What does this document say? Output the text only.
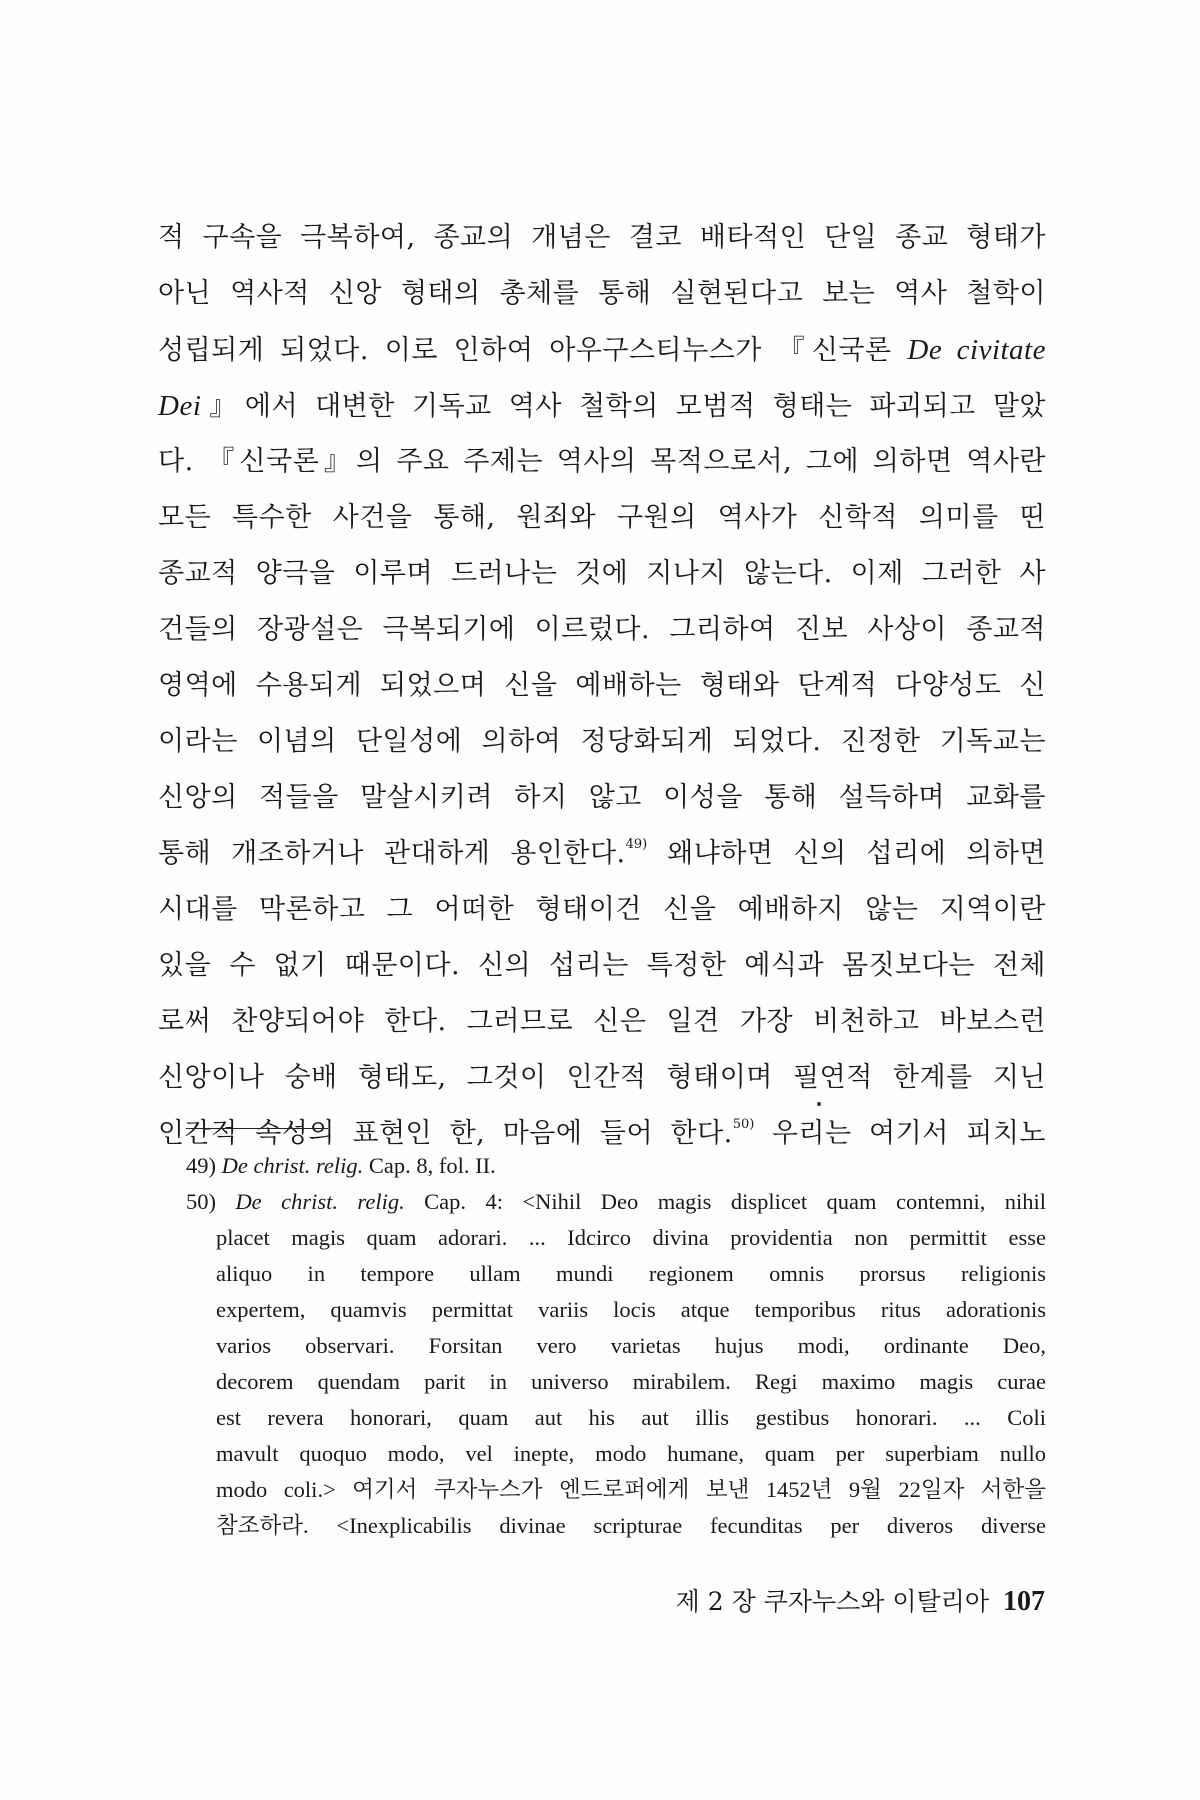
적 구속을 극복하여, 종교의 개념은 결코 배타적인 단일 종교 형태가
아닌 역사적 신앙 형태의 총체를 통해 실현된다고 보는 역사 철학이
성립되게 되었다. 이로 인하여 아우구스티누스가 『신국론 De civitate
Dei』에서 대변한 기독교 역사 철학의 모범적 형태는 파괴되고 말았
다. 『신국론』의 주요 주제는 역사의 목적으로서, 그에 의하면 역사란
모든 특수한 사건을 통해, 원죄와 구원의 역사가 신학적 의미를 띤
종교적 양극을 이루며 드러나는 것에 지나지 않는다. 이제 그러한 사
건들의 장광설은 극복되기에 이르렀다. 그리하여 진보 사상이 종교적
영역에 수용되게 되었으며 신을 예배하는 형태와 단계적 다양성도 신
이라는 이념의 단일성에 의하여 정당화되게 되었다. 진정한 기독교는
신앙의 적들을 말살시키려 하지 않고 이성을 통해 설득하며 교화를
통해 개조하거나 관대하게 용인한다.$^{49)}$ 왜냐하면 신의 섭리에 의하면
시대를 막론하고 그 어떠한 형태이건 신을 예배하지 않는 지역이란
있을 수 없기 때문이다. 신의 섭리는 특정한 예식과 몸짓보다는 전체
로써 찬양되어야 한다. 그러므로 신은 일견 가장 비천하고 바보스런
신앙이나 숭배 형태도, 그것이 인간적 형태이며 필연적 한계를 지닌
인간적 속성의 표현인 한, 마음에 들어 한다.$^{50)}$ 우리는 여기서 피치노
49) De christ. relig. Cap. 8, fol. II.
50) De christ. relig. Cap. 4: <Nihil Deo magis displicet quam contemni, nihil
placet magis quam adorari. ... Idcirco divina providentia non permittit esse
aliquo in tempore ullam mundi regionem omnis prorsus religionis
expertem, quamvis permittat variis locis atque temporibus ritus adorationis
varios observari. Forsitan vero varietas hujus modi, ordinante Deo,
decorem quendam parit in universo mirabilem. Regi maximo magis curae
est revera honorari, quam aut his aut illis gestibus honorari. ... Coli
mavult quoquo modo, vel inepte, modo humane, quam per superbiam nullo
modo coli.> 여기서 쿠자누스가 엔드로퍼에게 보낸 1452년 9월 22일자 서한을
참조하라. <Inexplicabilis divinae scripturae fecunditas per diveros diverse
제 2 장 쿠자누스와 이탈리아 107
